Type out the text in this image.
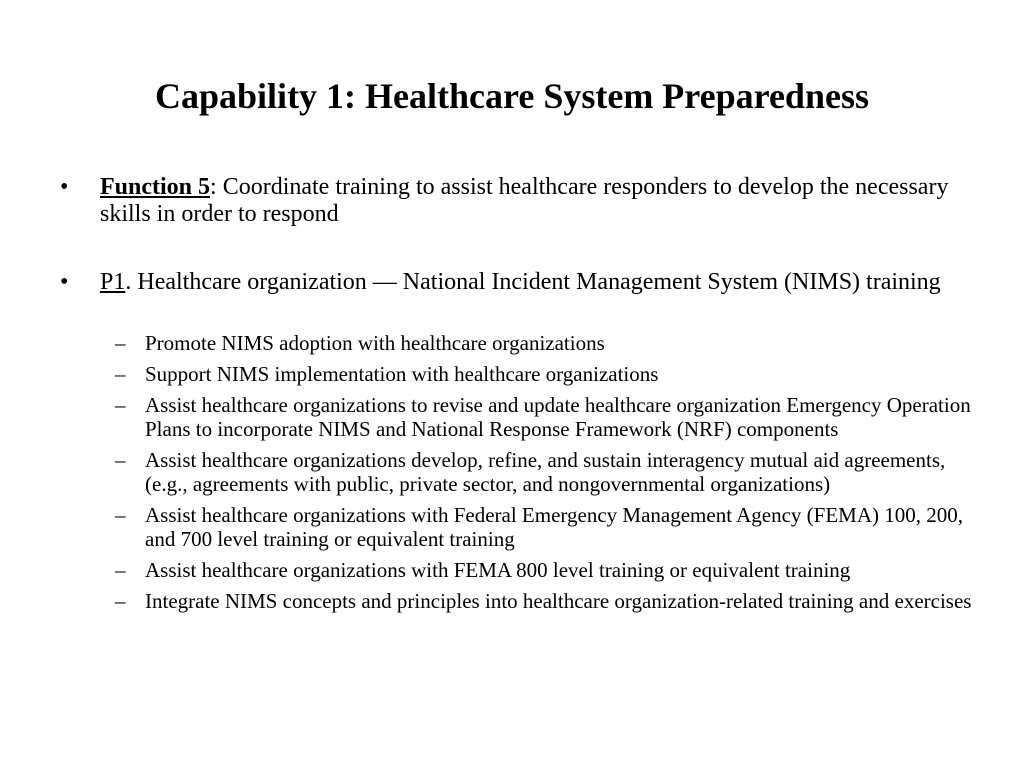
Capability 1: Healthcare System Preparedness
• Function 5: Coordinate training to assist healthcare responders to develop the necessary skills in order to respond
• P1. Healthcare organization — National Incident Management System (NIMS) training
– Promote NIMS adoption with healthcare organizations
– Support NIMS implementation with healthcare organizations
– Assist healthcare organizations to revise and update healthcare organization Emergency Operation Plans to incorporate NIMS and National Response Framework (NRF) components
– Assist healthcare organizations develop, refine, and sustain interagency mutual aid agreements, (e.g., agreements with public, private sector, and nongovernmental organizations)
– Assist healthcare organizations with Federal Emergency Management Agency (FEMA) 100, 200, and 700 level training or equivalent training
– Assist healthcare organizations with FEMA 800 level training or equivalent training
– Integrate NIMS concepts and principles into healthcare organization-related training and exercises
